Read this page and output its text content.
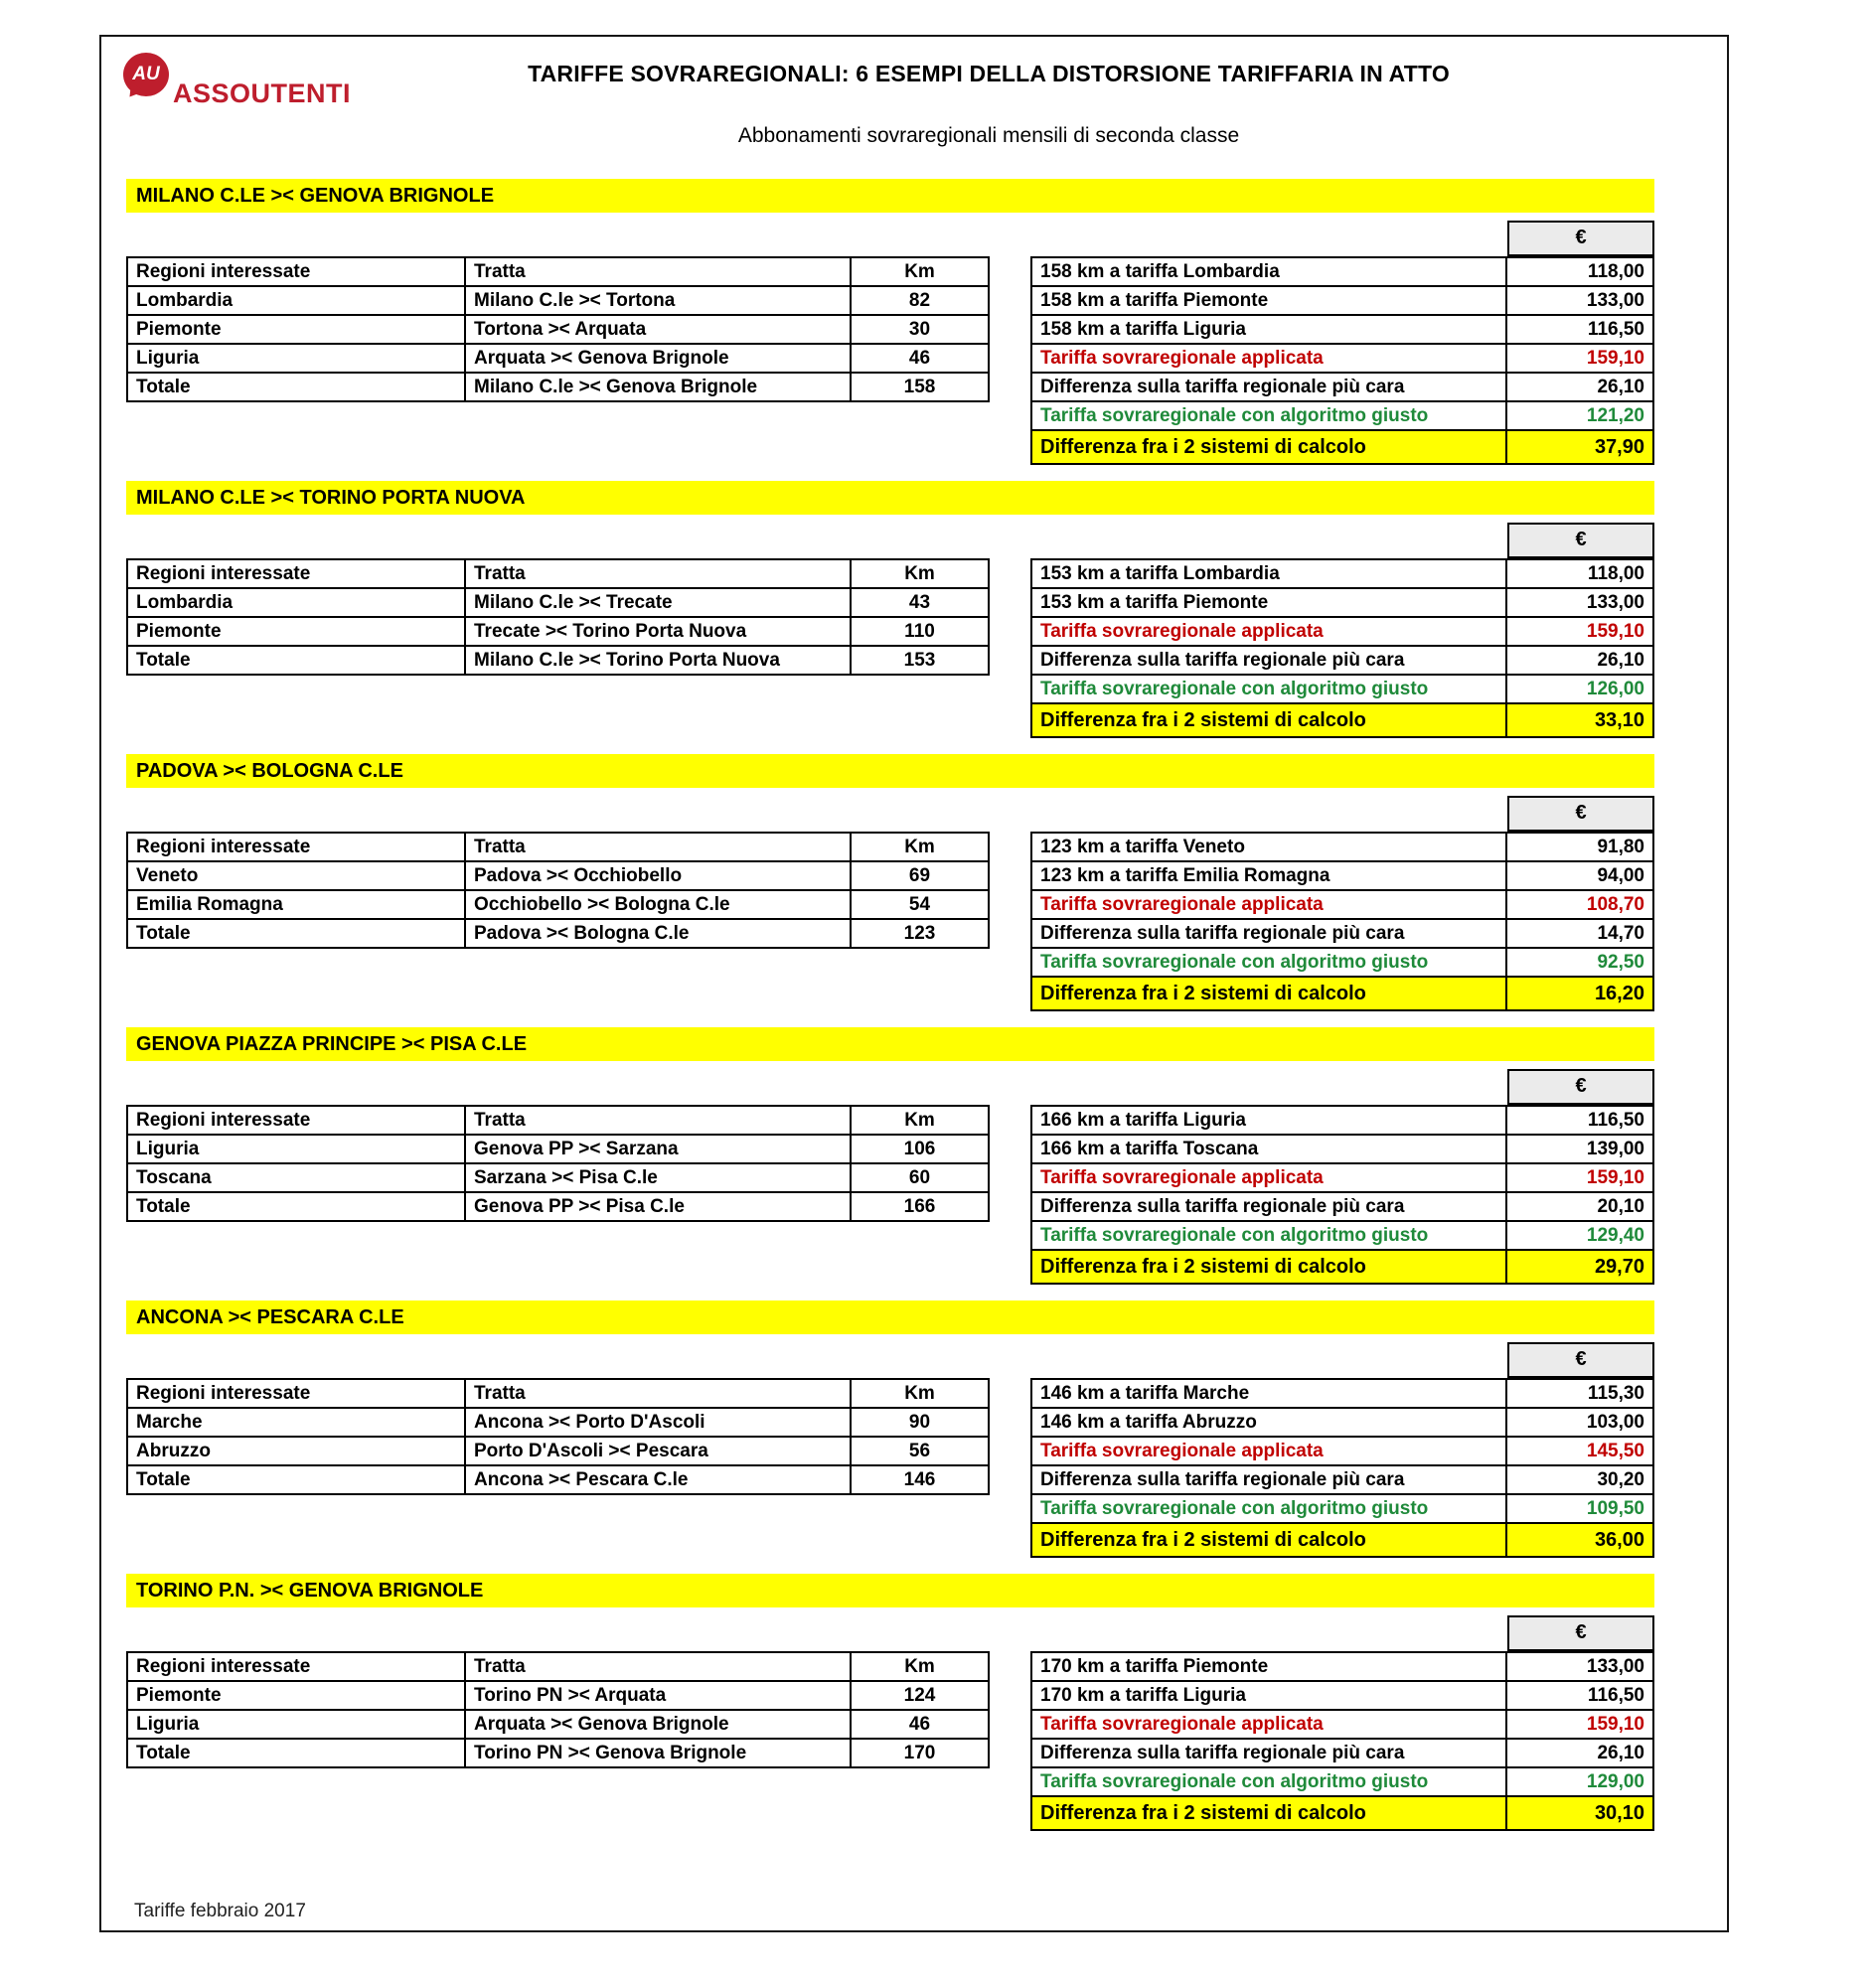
AU
ASSOUTENTI
TARIFFE SOVRAREGIONALI: 6 ESEMPI DELLA DISTORSIONE TARIFFARIA IN ATTO
Abbonamenti sovraregionali mensili di seconda classe
MILANO C.LE >< GENOVA BRIGNOLE
€
Regioni interessate	Tratta	Km
Lombardia	Milano C.le >< Tortona	82
Piemonte	Tortona >< Arquata	30
Liguria	Arquata >< Genova Brignole	46
Totale	Milano C.le >< Genova Brignole	158
158 km a tariffa Lombardia	118,00
158 km a tariffa Piemonte	133,00
158 km a tariffa Liguria	116,50
Tariffa sovraregionale applicata	159,10
Differenza sulla tariffa regionale più cara	26,10
Tariffa sovraregionale con algoritmo giusto	121,20
Differenza fra i 2 sistemi di calcolo	37,90
MILANO C.LE >< TORINO PORTA NUOVA
€
Regioni interessate	Tratta	Km
Lombardia	Milano C.le >< Trecate	43
Piemonte	Trecate >< Torino Porta Nuova	110
Totale	Milano C.le >< Torino Porta Nuova	153
153 km a tariffa Lombardia	118,00
153 km a tariffa Piemonte	133,00
Tariffa sovraregionale applicata	159,10
Differenza sulla tariffa regionale più cara	26,10
Tariffa sovraregionale con algoritmo giusto	126,00
Differenza fra i 2 sistemi di calcolo	33,10
PADOVA >< BOLOGNA C.LE
€
Regioni interessate	Tratta	Km
Veneto	Padova >< Occhiobello	69
Emilia Romagna	Occhiobello >< Bologna C.le	54
Totale	Padova >< Bologna C.le	123
123 km a tariffa Veneto	91,80
123 km a tariffa Emilia Romagna	94,00
Tariffa sovraregionale applicata	108,70
Differenza sulla tariffa regionale più cara	14,70
Tariffa sovraregionale con algoritmo giusto	92,50
Differenza fra i 2 sistemi di calcolo	16,20
GENOVA PIAZZA PRINCIPE >< PISA C.LE
€
Regioni interessate	Tratta	Km
Liguria	Genova PP >< Sarzana	106
Toscana	Sarzana >< Pisa C.le	60
Totale	Genova PP >< Pisa C.le	166
166 km a tariffa Liguria	116,50
166 km a tariffa Toscana	139,00
Tariffa sovraregionale applicata	159,10
Differenza sulla tariffa regionale più cara	20,10
Tariffa sovraregionale con algoritmo giusto	129,40
Differenza fra i 2 sistemi di calcolo	29,70
ANCONA >< PESCARA C.LE
€
Regioni interessate	Tratta	Km
Marche	Ancona >< Porto D'Ascoli	90
Abruzzo	Porto D'Ascoli >< Pescara	56
Totale	Ancona >< Pescara C.le	146
146 km a tariffa Marche	115,30
146 km a tariffa Abruzzo	103,00
Tariffa sovraregionale applicata	145,50
Differenza sulla tariffa regionale più cara	30,20
Tariffa sovraregionale con algoritmo giusto	109,50
Differenza fra i 2 sistemi di calcolo	36,00
TORINO P.N. >< GENOVA BRIGNOLE
€
Regioni interessate	Tratta	Km
Piemonte	Torino PN >< Arquata	124
Liguria	Arquata >< Genova Brignole	46
Totale	Torino PN >< Genova Brignole	170
170 km a tariffa Piemonte	133,00
170 km a tariffa Liguria	116,50
Tariffa sovraregionale applicata	159,10
Differenza sulla tariffa regionale più cara	26,10
Tariffa sovraregionale con algoritmo giusto	129,00
Differenza fra i 2 sistemi di calcolo	30,10
Tariffe febbraio 2017
